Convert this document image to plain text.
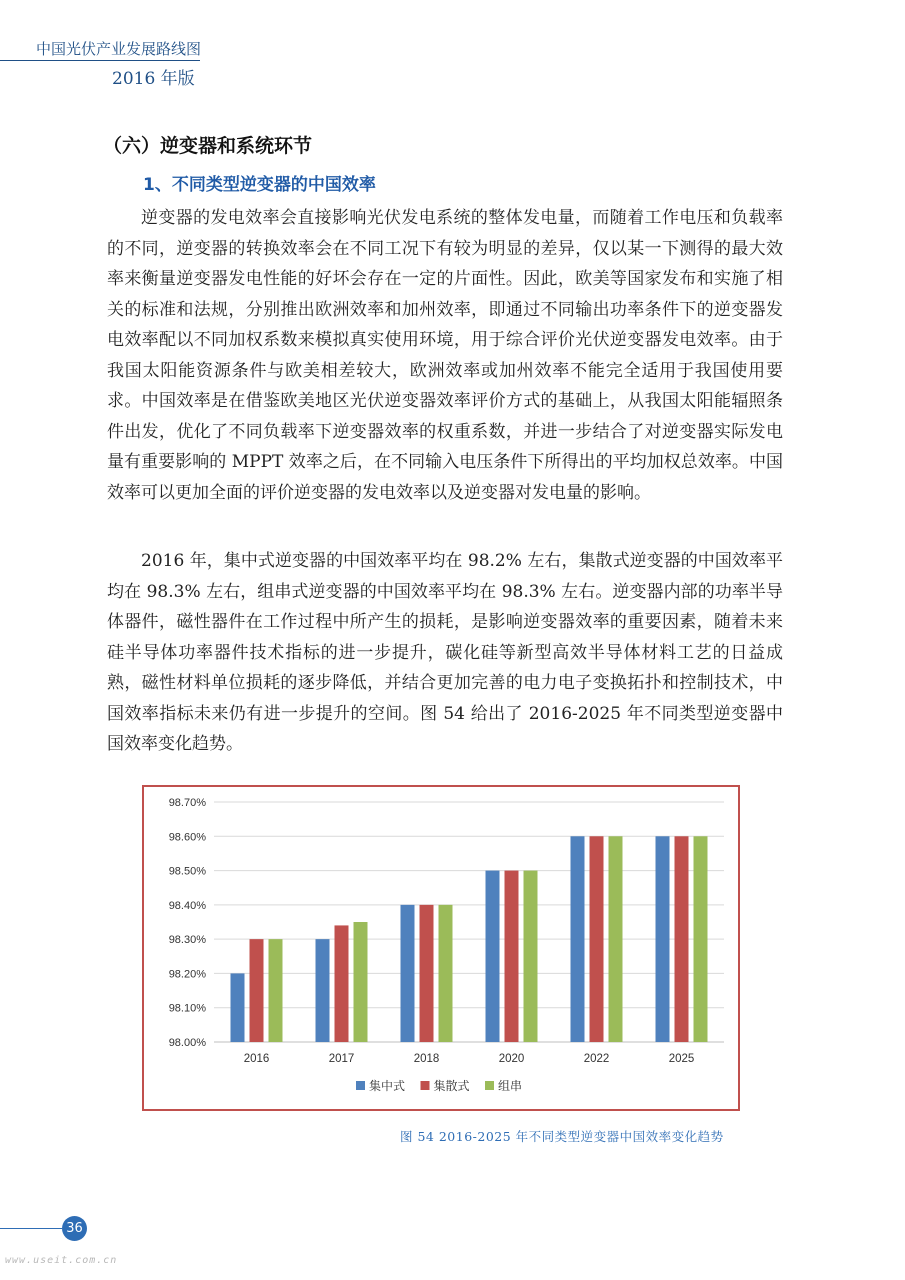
中国光伏产业发展路线图
2016 年版
（六）逆变器和系统环节
1、不同类型逆变器的中国效率

逆变器的发电效率会直接影响光伏发电系统的整体发电量，而随着工作电压和负载率的不同，逆变器的转换效率会在不同工况下有较为明显的差异，仅以某一下测得的最大效率来衡量逆变器发电性能的好坏会存在一定的片面性。因此，欧美等国家发布和实施了相关的标准和法规，分别推出欧洲效率和加州效率，即通过不同输出功率条件下的逆变器发电效率配以不同加权系数来模拟真实使用环境，用于综合评价光伏逆变器发电效率。由于我国太阳能资源条件与欧美相差较大，欧洲效率或加州效率不能完全适用于我国使用要求。中国效率是在借鉴欧美地区光伏逆变器效率评价方式的基础上，从我国太阳能辐照条件出发，优化了不同负载率下逆变器效率的权重系数，并进一步结合了对逆变器实际发电量有重要影响的 MPPT 效率之后，在不同输入电压条件下所得出的平均加权总效率。中国效率可以更加全面的评价逆变器的发电效率以及逆变器对发电量的影响。

2016 年，集中式逆变器的中国效率平均在 98.2% 左右，集散式逆变器的中国效率平均在 98.3% 左右，组串式逆变器的中国效率平均在 98.3% 左右。逆变器内部的功率半导体器件，磁性器件在工作过程中所产生的损耗，是影响逆变器效率的重要因素，随着未来硅半导体功率器件技术指标的进一步提升，碳化硅等新型高效半导体材料工艺的日益成熟，磁性材料单位损耗的逐步降低，并结合更加完善的电力电子变换拓扑和控制技术，中国效率指标未来仍有进一步提升的空间。图 54 给出了 2016-2025 年不同类型逆变器中国效率变化趋势。

98.00%
98.10%
98.20%
98.30%
98.40%
98.50%
98.60%
98.70%
2016	2017	2018	2020	2022	2025
集中式 集散式 组串
图 54 2016-2025 年不同类型逆变器中国效率变化趋势
36
www.useit.com.cn
